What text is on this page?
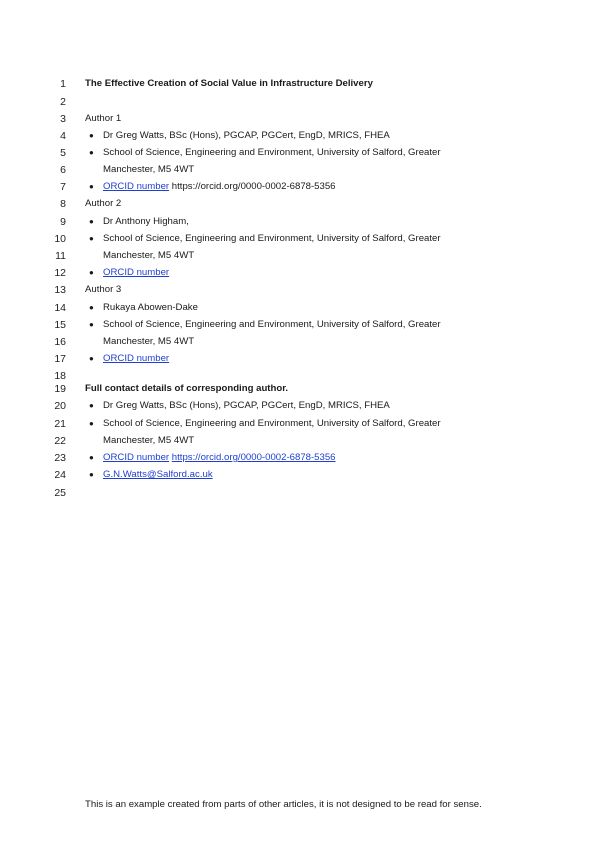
1
2
3
4
5
6
7
8
9
10
11
12
13
14
15
16
17
18
19
20
21
22
23
24
25
The Effective Creation of Social Value in Infrastructure Delivery
Author 1
● Dr Greg Watts, BSc (Hons), PGCAP, PGCert, EngD, MRICS, FHEA
● School of Science, Engineering and Environment, University of Salford, Greater
Manchester, M5 4WT
● ORCID number https://orcid.org/0000-0002-6878-5356
Author 2
● Dr Anthony Higham,
● School of Science, Engineering and Environment, University of Salford, Greater
Manchester, M5 4WT
● ORCID number
Author 3
● Rukaya Abowen-Dake
● School of Science, Engineering and Environment, University of Salford, Greater
Manchester, M5 4WT
● ORCID number
Full contact details of corresponding author.
● Dr Greg Watts, BSc (Hons), PGCAP, PGCert, EngD, MRICS, FHEA
● School of Science, Engineering and Environment, University of Salford, Greater
Manchester, M5 4WT
● ORCID number https://orcid.org/0000-0002-6878-5356
● G.N.Watts@Salford.ac.uk
This is an example created from parts of other articles, it is not designed to be read for sense.
